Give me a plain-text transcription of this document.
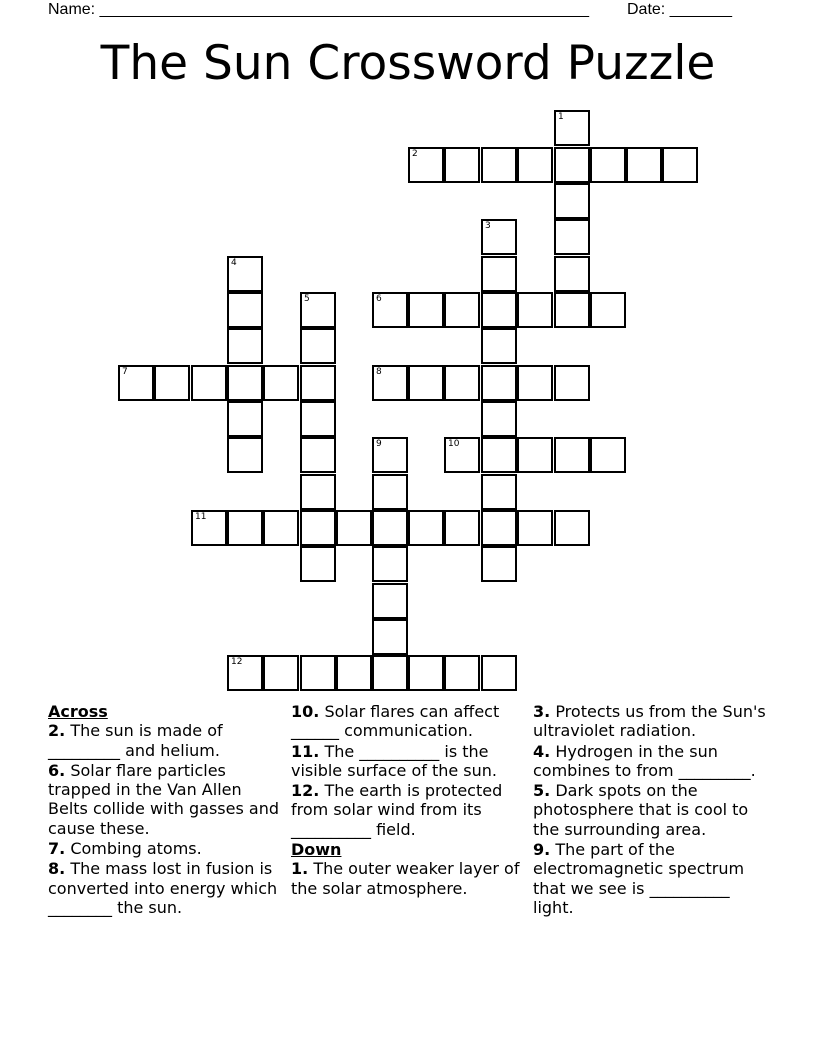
Name: _______________________________________________________ Date: _______
The Sun Crossword Puzzle
1
2
3
4
5	6
7	8
9	10
11
12
Across
2. The sun is made of _________ and helium.
6. Solar flare particles trapped in the Van Allen Belts collide with gasses and cause these.
7. Combing atoms.
8. The mass lost in fusion is converted into energy which ________ the sun.
10. Solar flares can affect ______ communication.
11. The __________ is the visible surface of the sun.
12. The earth is protected from solar wind from its __________ field.
Down
1. The outer weaker layer of the solar atmosphere.
3. Protects us from the Sun's ultraviolet radiation.
4. Hydrogen in the sun combines to from _________.
5. Dark spots on the photosphere that is cool to the surrounding area.
9. The part of the electromagnetic spectrum that we see is __________ light.
